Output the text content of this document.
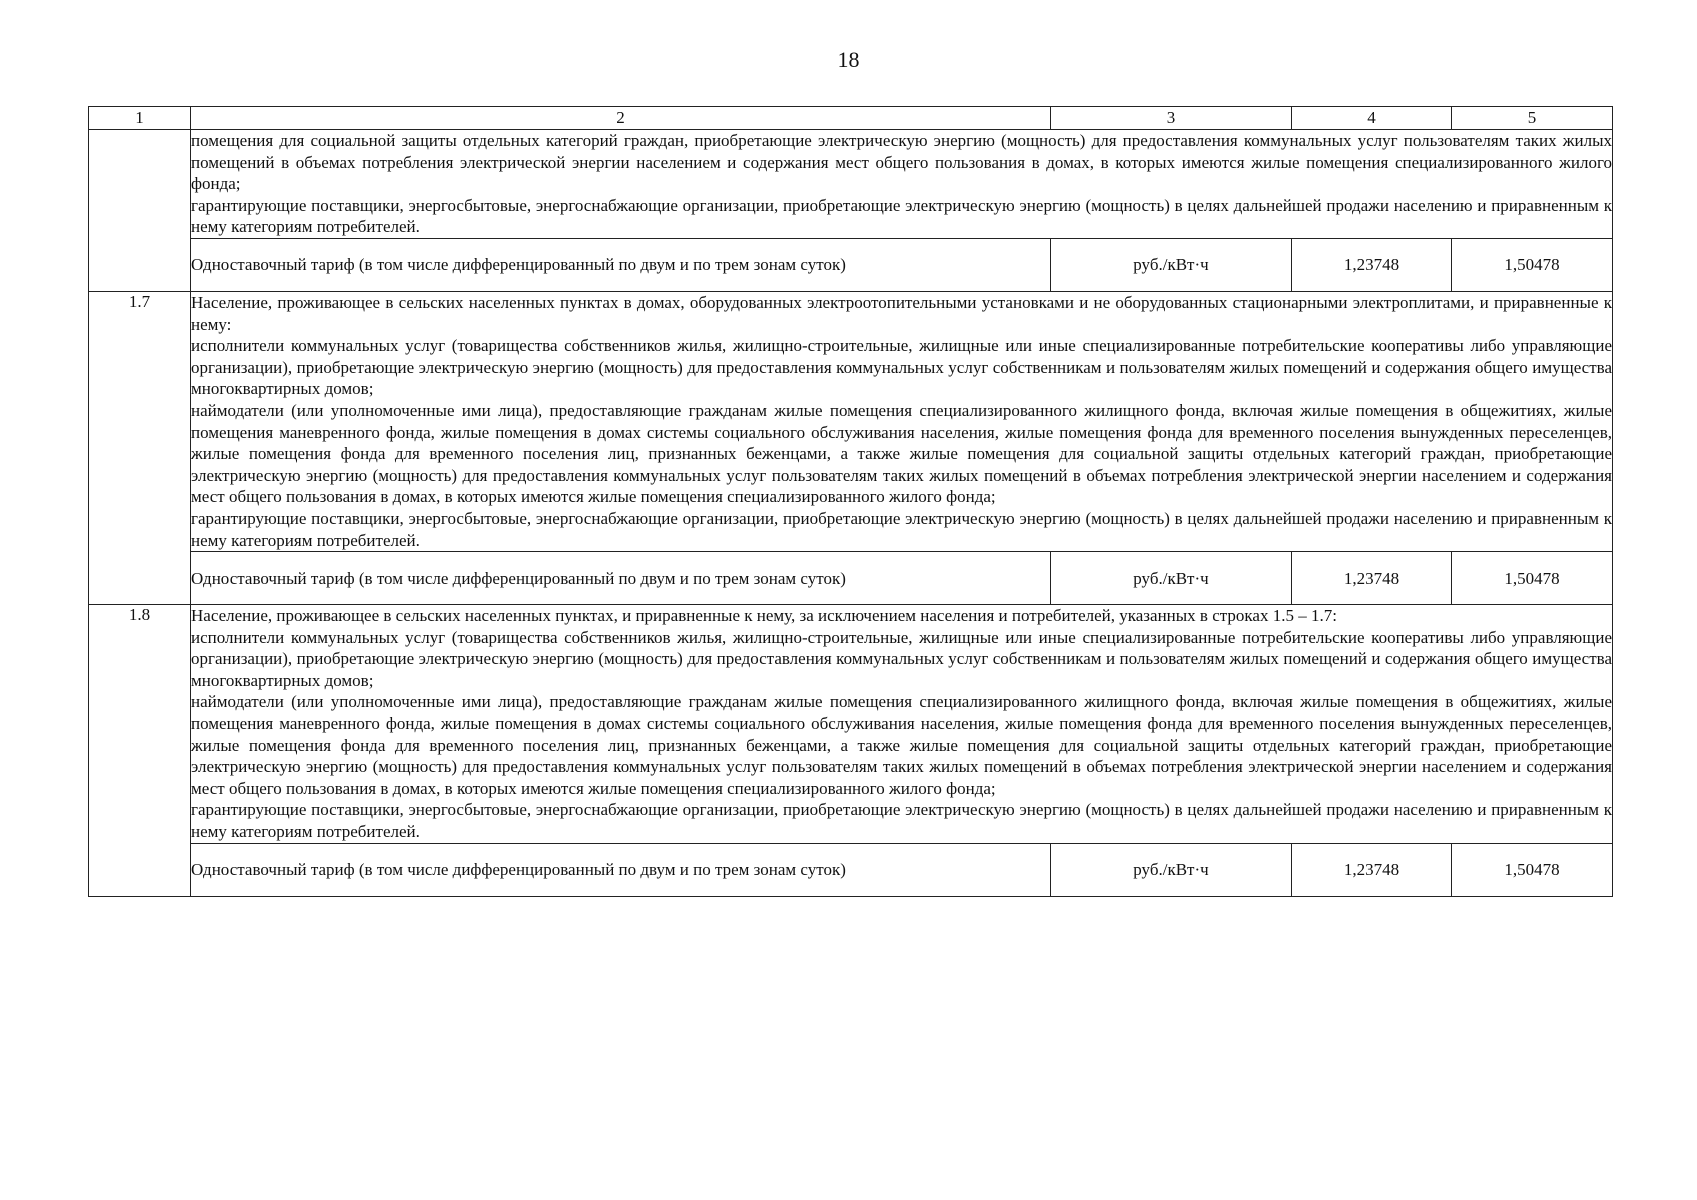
18
1	2	3	4	5

	помещения для социальной защиты отдельных категорий граждан, приобретающие электрическую энергию (мощность) для предоставления коммунальных услуг пользователям таких жилых помещений в объемах потребления электрической энергии населением и содержания мест общего пользования в домах, в которых имеются жилые помещения специализированного жилого фонда;

гарантирующие поставщики, энергосбытовые, энергоснабжающие организации, приобретающие электрическую энергию (мощность) в целях дальнейшей продажи населению и приравненным к нему категориям потребителей.			

	Одноставочный тариф (в том числе дифференцированный по двум и по трем зонам суток)	руб./кВт·ч	1,23748	1,50478
1.7	Население, проживающее в сельских населенных пунктах в домах, оборудованных электроотопительными установками и не оборудованных стационарными электроплитами, и приравненные к нему:

исполнители коммунальных услуг (товарищества собственников жилья, жилищно-строительные, жилищные или иные специализированные потребительские кооперативы либо управляющие организации), приобретающие электрическую энергию (мощность) для предоставления коммунальных услуг собственникам и пользователям жилых помещений и содержания общего имущества многоквартирных домов;

наймодатели (или уполномоченные ими лица), предоставляющие гражданам жилые помещения специализированного жилищного фонда, включая жилые помещения в общежитиях, жилые помещения маневренного фонда, жилые помещения в домах системы социального обслуживания населения, жилые помещения фонда для временного поселения вынужденных переселенцев, жилые помещения фонда для временного поселения лиц, признанных беженцами, а также жилые помещения для социальной защиты отдельных категорий граждан, приобретающие электрическую энергию (мощность) для предоставления коммунальных услуг пользователям таких жилых помещений в объемах потребления электрической энергии населением и содержания мест общего пользования в домах, в которых имеются жилые помещения специализированного жилого фонда;

гарантирующие поставщики, энергосбытовые, энергоснабжающие организации, приобретающие электрическую энергию (мощность) в целях дальнейшей продажи населению и приравненным к нему категориям потребителей.			

	Одноставочный тариф (в том числе дифференцированный по двум и по трем зонам суток)	руб./кВт·ч	1,23748	1,50478
1.8	Население, проживающее в сельских населенных пунктах, и приравненные к нему, за исключением населения и потребителей, указанных в строках 1.5 – 1.7:

исполнители коммунальных услуг (товарищества собственников жилья, жилищно-строительные, жилищные или иные специализированные потребительские кооперативы либо управляющие организации), приобретающие электрическую энергию (мощность) для предоставления коммунальных услуг собственникам и пользователям жилых помещений и содержания общего имущества многоквартирных домов;

наймодатели (или уполномоченные ими лица), предоставляющие гражданам жилые помещения специализированного жилищного фонда, включая жилые помещения в общежитиях, жилые помещения маневренного фонда, жилые помещения в домах системы социального обслуживания населения, жилые помещения фонда для временного поселения вынужденных переселенцев, жилые помещения фонда для временного поселения лиц, признанных беженцами, а также жилые помещения для социальной защиты отдельных категорий граждан, приобретающие электрическую энергию (мощность) для предоставления коммунальных услуг пользователям таких жилых помещений в объемах потребления электрической энергии населением и содержания мест общего пользования в домах, в которых имеются жилые помещения специализированного жилого фонда;

гарантирующие поставщики, энергосбытовые, энергоснабжающие организации, приобретающие электрическую энергию (мощность) в целях дальнейшей продажи населению и приравненным к нему категориям потребителей.			

	Одноставочный тариф (в том числе дифференцированный по двум и по трем зонам суток)	руб./кВт·ч	1,23748	1,50478
